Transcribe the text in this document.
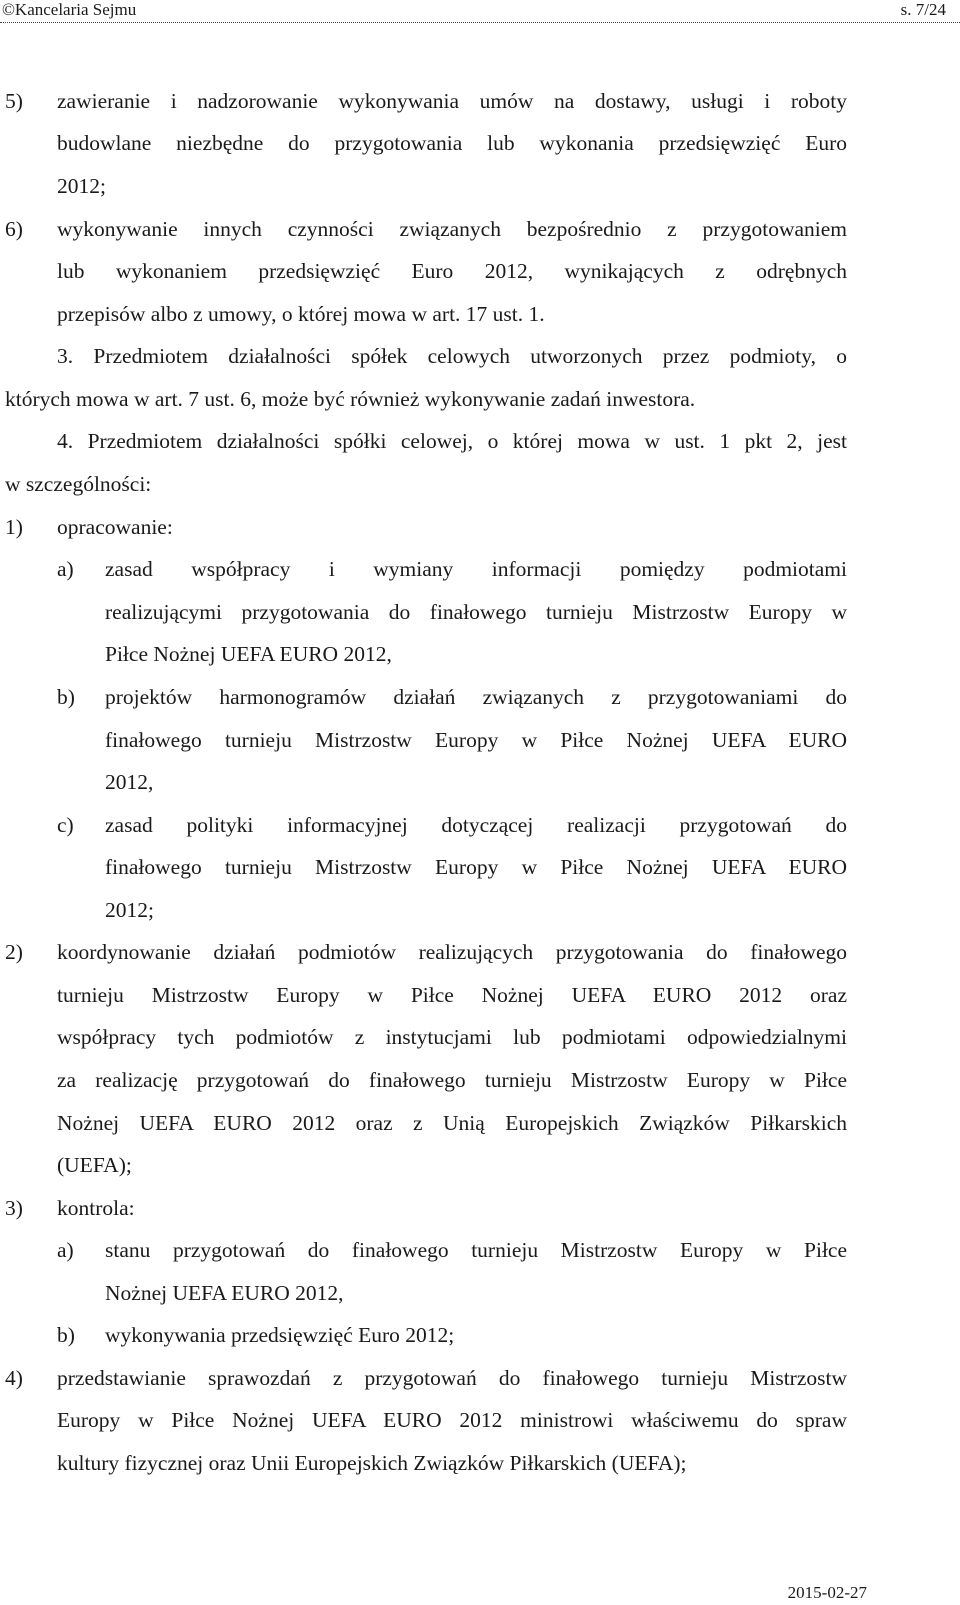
©Kancelaria Sejmu	s. 7/24
5) zawieranie i nadzorowanie wykonywania umów na dostawy, usługi i roboty
budowlane niezbędne do przygotowania lub wykonania przedsięwzięć Euro
2012;
6) wykonywanie innych czynności związanych bezpośrednio z przygotowaniem
lub wykonaniem przedsięwzięć Euro 2012, wynikających z odrębnych
przepisów albo z umowy, o której mowa w art. 17 ust. 1.
3. Przedmiotem działalności spółek celowych utworzonych przez podmioty, o
których mowa w art. 7 ust. 6, może być również wykonywanie zadań inwestora.
4. Przedmiotem działalności spółki celowej, o której mowa w ust. 1 pkt 2, jest
w szczególności:
1) opracowanie:
a) zasad współpracy i wymiany informacji pomiędzy podmiotami
realizującymi przygotowania do finałowego turnieju Mistrzostw Europy w
Piłce Nożnej UEFA EURO 2012,
b) projektów harmonogramów działań związanych z przygotowaniami do
finałowego turnieju Mistrzostw Europy w Piłce Nożnej UEFA EURO
2012,
c) zasad polityki informacyjnej dotyczącej realizacji przygotowań do
finałowego turnieju Mistrzostw Europy w Piłce Nożnej UEFA EURO
2012;
2) koordynowanie działań podmiotów realizujących przygotowania do finałowego
turnieju Mistrzostw Europy w Piłce Nożnej UEFA EURO 2012 oraz
współpracy tych podmiotów z instytucjami lub podmiotami odpowiedzialnymi
za realizację przygotowań do finałowego turnieju Mistrzostw Europy w Piłce
Nożnej UEFA EURO 2012 oraz z Unią Europejskich Związków Piłkarskich
(UEFA);
3) kontrola:
a) stanu przygotowań do finałowego turnieju Mistrzostw Europy w Piłce
Nożnej UEFA EURO 2012,
b) wykonywania przedsięwzięć Euro 2012;
4) przedstawianie sprawozdań z przygotowań do finałowego turnieju Mistrzostw
Europy w Piłce Nożnej UEFA EURO 2012 ministrowi właściwemu do spraw
kultury fizycznej oraz Unii Europejskich Związków Piłkarskich (UEFA);
2015-02-27
